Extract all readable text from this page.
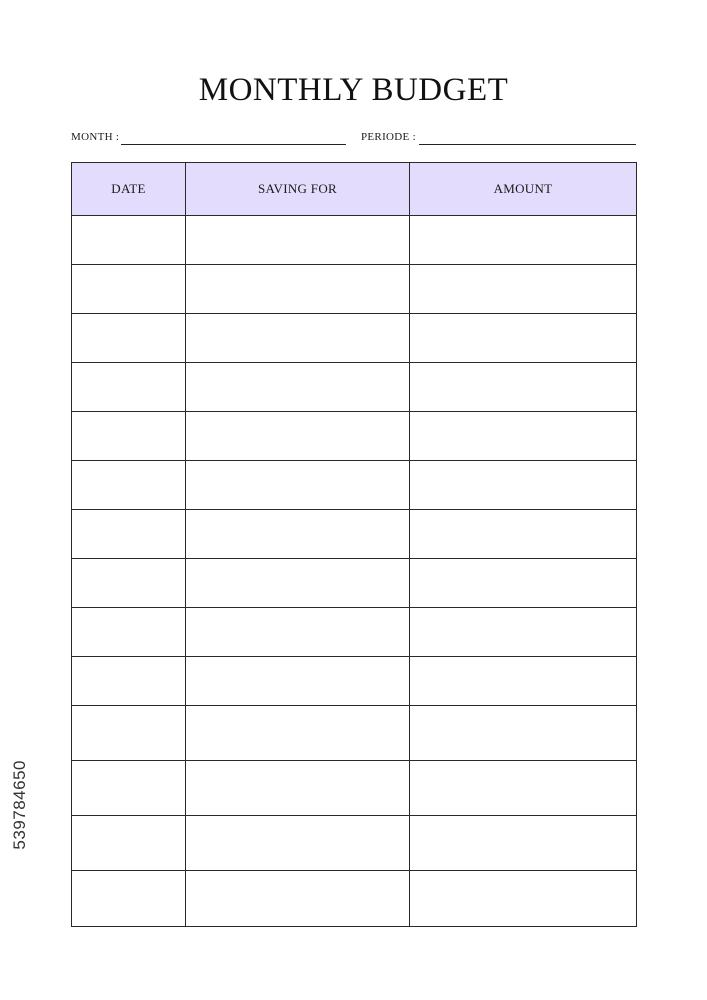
MONTHLY BUDGET
MONTH :	PERIODE :
DATE	SAVING FOR	AMOUNT

539784650
